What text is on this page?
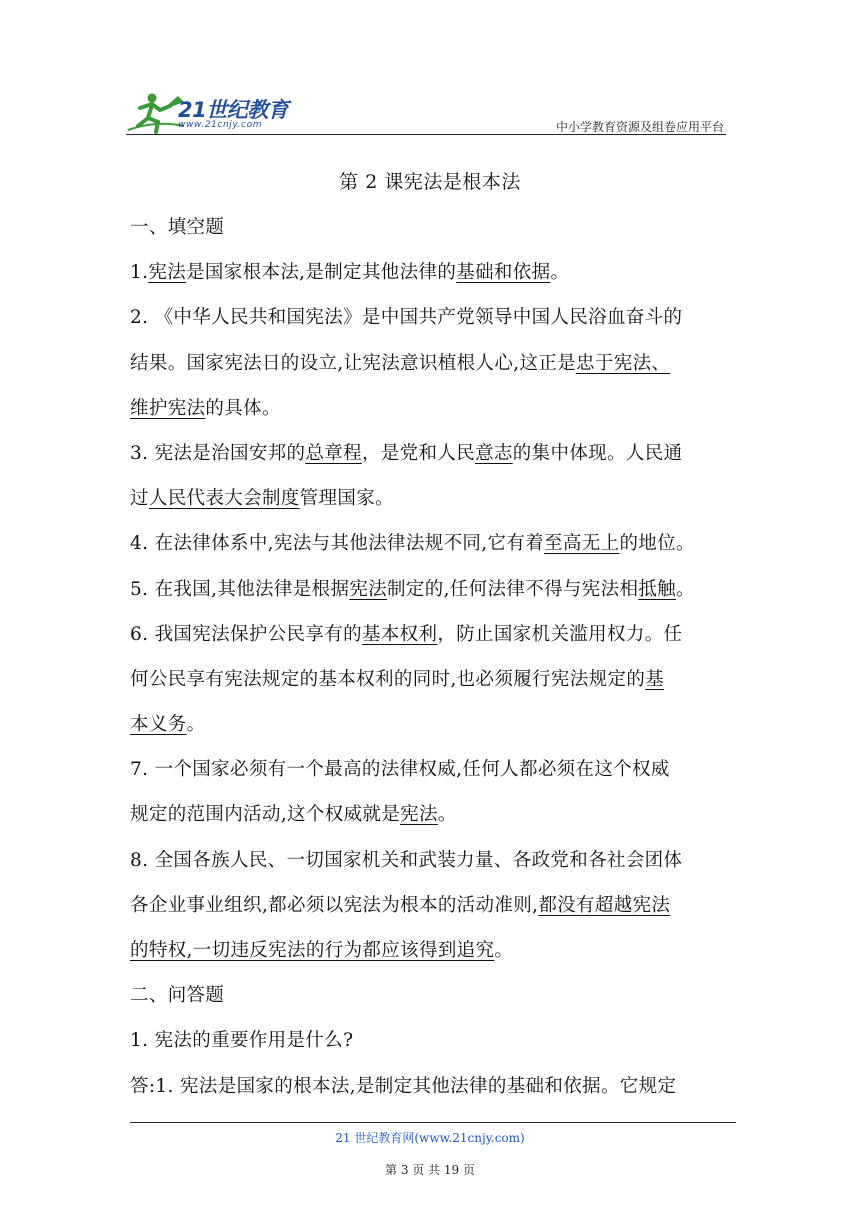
21世纪教育
www.21cnjy.com	中小学教育资源及组卷应用平台
第 2 课宪法是根本法
一、填空题
1.宪法是国家根本法,是制定其他法律的基础和依据。
2. 《中华人民共和国宪法》是中国共产党领导中国人民浴血奋斗的
结果。国家宪法日的设立,让宪法意识植根人心,这正是忠于宪法、
维护宪法的具体。
3. 宪法是治国安邦的总章程，是党和人民意志的集中体现。人民通
过人民代表大会制度管理国家。
4. 在法律体系中,宪法与其他法律法规不同,它有着至高无上的地位。
5. 在我国,其他法律是根据宪法制定的,任何法律不得与宪法相抵触。
6. 我国宪法保护公民享有的基本权利，防止国家机关滥用权力。任
何公民享有宪法规定的基本权利的同时,也必须履行宪法规定的基
本义务。
7. 一个国家必须有一个最高的法律权威,任何人都必须在这个权威
规定的范围内活动,这个权威就是宪法。
8. 全国各族人民、一切国家机关和武装力量、各政党和各社会团体
各企业事业组织,都必须以宪法为根本的活动准则,都没有超越宪法
的特权,一切违反宪法的行为都应该得到追究。
二、问答题
1. 宪法的重要作用是什么?
答:1. 宪法是国家的根本法,是制定其他法律的基础和依据。它规定
21 世纪教育网(www.21cnjy.com)
第 3 页 共 19 页
